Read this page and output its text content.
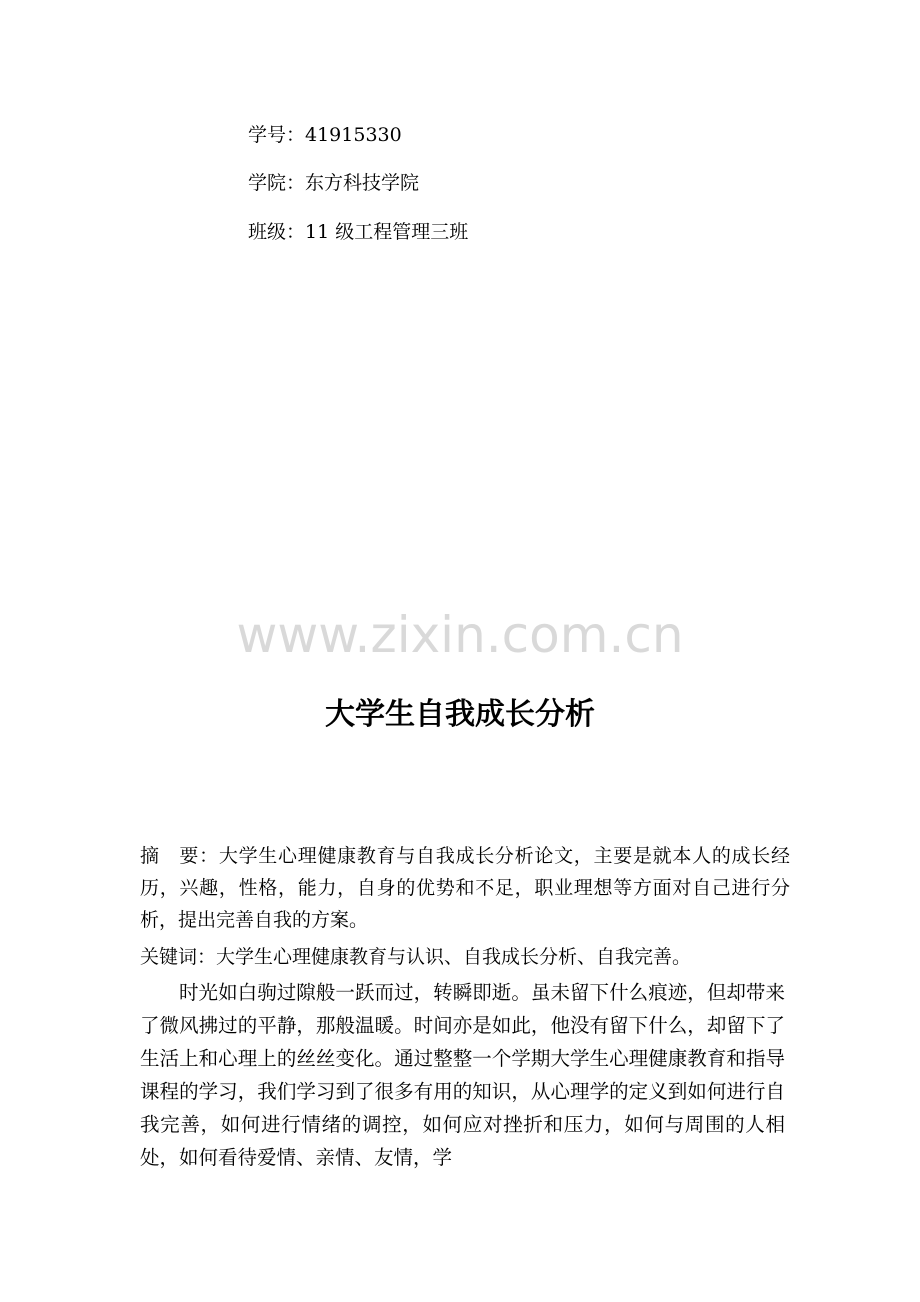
学号：41915330
学院：东方科技学院
班级：11 级工程管理三班
www.zixin.com.cn
大学生自我成长分析
摘　要：大学生心理健康教育与自我成长分析论文，主要是就本人的成长经历，兴趣，性格，能力，自身的优势和不足，职业理想等方面对自己进行分析，提出完善自我的方案。
关键词：大学生心理健康教育与认识、自我成长分析、自我完善。
时光如白驹过隙般一跃而过，转瞬即逝。虽未留下什么痕迹，但却带来了微风拂过的平静，那般温暖。时间亦是如此，他没有留下什么，却留下了生活上和心理上的丝丝变化。通过整整一个学期大学生心理健康教育和指导课程的学习，我们学习到了很多有用的知识，从心理学的定义到如何进行自我完善，如何进行情绪的调控，如何应对挫折和压力，如何与周围的人相处，如何看待爱情、亲情、友情，学
